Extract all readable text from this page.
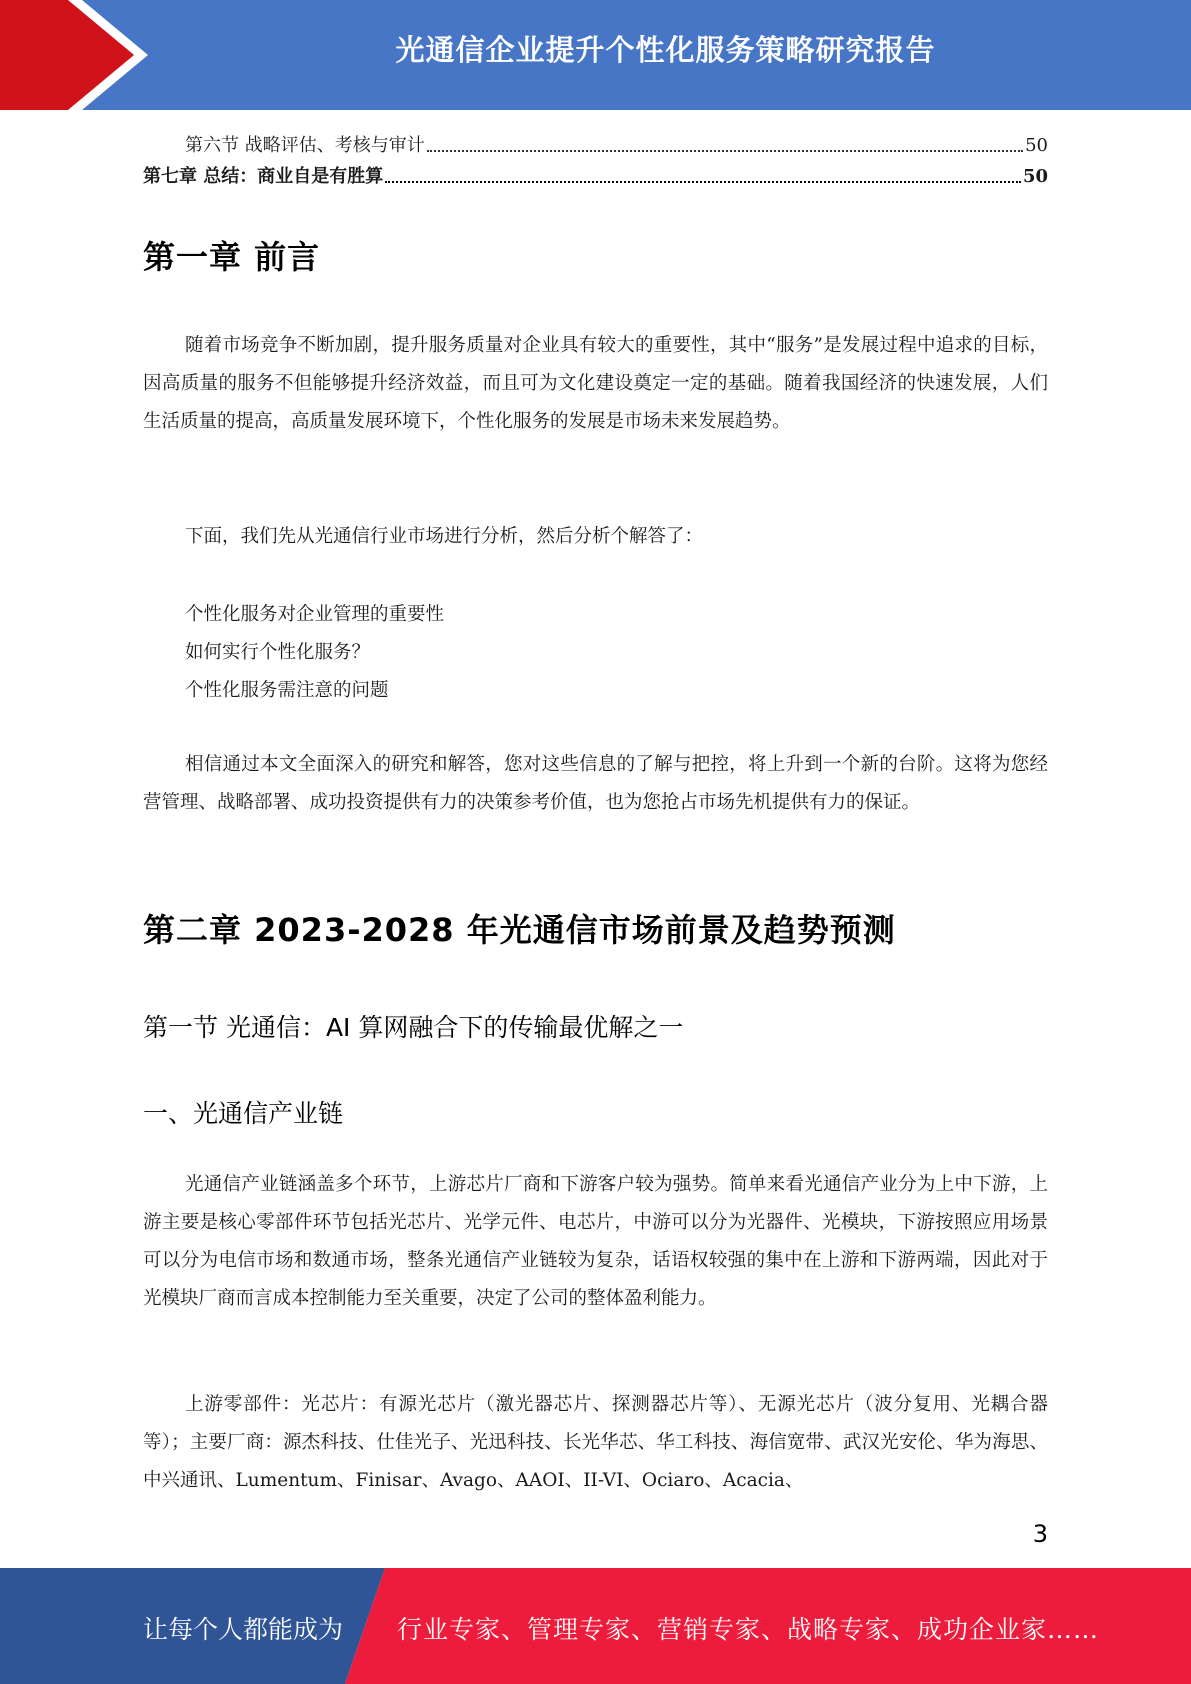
光通信企业提升个性化服务策略研究报告
第六节 战略评估、考核与审计	50
第七章 总结：商业自是有胜算	50
第一章 前言

随着市场竞争不断加剧，提升服务质量对企业具有较大的重要性，其中“服务”是发展过程中追求的目标，因高质量的服务不但能够提升经济效益，而且可为文化建设奠定一定的基础。随着我国经济的快速发展，人们生活质量的提高，高质量发展环境下，个性化服务的发展是市场未来发展趋势。

下面，我们先从光通信行业市场进行分析，然后分析个解答了：

个性化服务对企业管理的重要性

如何实行个性化服务？

个性化服务需注意的问题

相信通过本文全面深入的研究和解答，您对这些信息的了解与把控，将上升到一个新的台阶。这将为您经营管理、战略部署、成功投资提供有力的决策参考价值，也为您抢占市场先机提供有力的保证。

第二章 2023-2028 年光通信市场前景及趋势预测
第一节 光通信：AI 算网融合下的传输最优解之一
一、光通信产业链

光通信产业链涵盖多个环节，上游芯片厂商和下游客户较为强势。简单来看光通信产业分为上中下游，上游主要是核心零部件环节包括光芯片、光学元件、电芯片，中游可以分为光器件、光模块，下游按照应用场景可以分为电信市场和数通市场，整条光通信产业链较为复杂，话语权较强的集中在上游和下游两端，因此对于光模块厂商而言成本控制能力至关重要，决定了公司的整体盈利能力。

上游零部件：光芯片：有源光芯片（激光器芯片、探测器芯片等）、无源光芯片（波分复用、光耦合器等）；主要厂商：源杰科技、仕佳光子、光迅科技、长光华芯、华工科技、海信宽带、武汉光安伦、华为海思、中兴通讯、Lumentum、Finisar、Avago、AAOI、II-VI、Ociaro、Acacia、

3
让每个人都能成为 行业专家、管理专家、营销专家、战略专家、成功企业家……
